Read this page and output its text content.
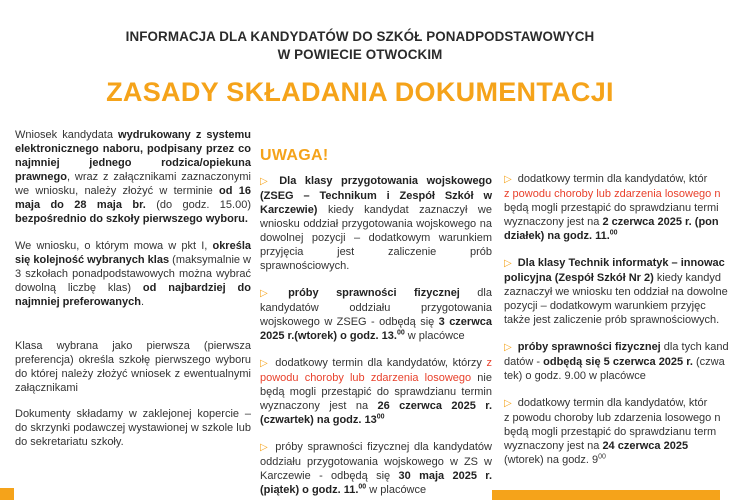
INFORMACJA DLA KANDYDATÓW DO SZKÓŁ PONADPODSTAWOWYCH
W POWIECIE OTWOCKIM
ZASADY SKŁADANIA DOKUMENTACJI

Wniosek kandydata wydrukowany z systemu elektronicznego naboru, podpisany przez co najmniej jednego rodzica/opiekuna prawnego, wraz z załącznikami zaznaczonymi we wniosku, należy złożyć w terminie od 16 maja do 28 maja br. (do godz. 15.00) bezpośrednio do szkoły pierwszego wyboru.

We wniosku, o którym mowa w pkt I, określa się kolejność wybranych klas (maksymalnie w 3 szkołach ponadpodstawowych można wybrać dowolną liczbę klas) od najbardziej do najmniej preferowanych.

Klasa wybrana jako pierwsza (pierwsza preferencja) określa szkołę pierwszego wyboru do której należy złożyć wniosek z ewentualnymi załącznikami

Dokumenty składamy w zaklejonej kopercie – do skrzynki podawczej wystawionej w szkole lub do sekretariatu szkoły.

UWAGA!

▷ Dla klasy przygotowania wojskowego (ZSEG – Technikum i Zespół Szkół w Karczewie) kiedy kandydat zaznaczył we wniosku oddział przygotowania wojskowego na dowolnej pozycji – dodatkowym warunkiem przyjęcia jest zaliczenie prób sprawnościowych.

▷ próby sprawności fizycznej dla kandydatów oddziału przygotowania wojskowego w ZSEG - odbędą się 3 czerwca 2025 r.(wtorek) o godz. 13.00 w placówce

▷ dodatkowy termin dla kandydatów, którzy z powodu choroby lub zdarzenia losowego nie będą mogli przestąpić do sprawdzianu termin wyznaczony jest na 26 czerwca 2025 r. (czwartek) na godz. $13^{00}$

▷ próby sprawności fizycznej dla kandydatów oddziału przygotowania wojskowego w ZS w Karczewie - odbędą się 30 maja 2025 r. (piątek) o godz. 11.00 w placówce

▷ dodatkowy termin dla kandydatów, któr
z powodu choroby lub zdarzenia losowego n
będą mogli przestąpić do sprawdzianu termi
wyznaczony jest na 2 czerwca 2025 r. (pon
działek) na godz. 11.00

▷ Dla klasy Technik informatyk – innowac
policyjna (Zespół Szkół Nr 2) kiedy kandyd
zaznaczył we wniosku ten oddział na dowolne
pozycji – dodatkowym warunkiem przyjęc
także jest zaliczenie prób sprawnościowych.

▷ próby sprawności fizycznej dla tych kand
datów - odbędą się 5 czerwca 2025 r. (czwa
tek) o godz. 9.00 w placówce

▷ dodatkowy termin dla kandydatów, któr
z powodu choroby lub zdarzenia losowego n
będą mogli przestąpić do sprawdzianu term
wyznaczony jest na 24 czerwca 2025
(wtorek) na godz. $9^{00}$
